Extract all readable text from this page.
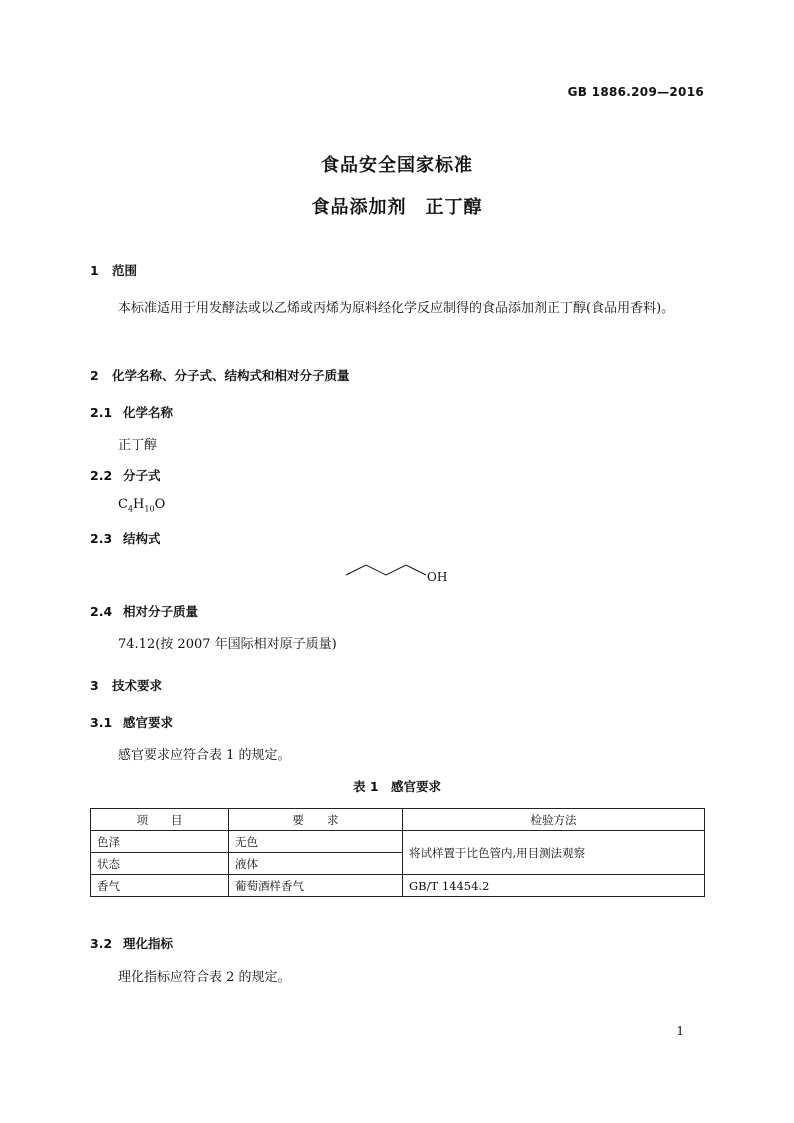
GB 1886.209—2016
食品安全国家标准
食品添加剂　正丁醇
1 范围
本标准适用于用发酵法或以乙烯或丙烯为原料经化学反应制得的食品添加剂正丁醇(食品用香料)。
2 化学名称、分子式、结构式和相对分子质量
2.1 化学名称
正丁醇
2.2 分子式
$C_4H_{10}O$
2.3 结构式
OH
2.4 相对分子质量
74.12(按 2007 年国际相对原子质量)
3 技术要求
3.1 感官要求
感官要求应符合表 1 的规定。
表 1　感官要求
项　　目	要　　求	检验方法
色泽	无色	将试样置于比色管内,用目测法观察
状态	液体	
香气	葡萄酒样香气	GB/T 14454.2
3.2 理化指标
理化指标应符合表 2 的规定。
1
